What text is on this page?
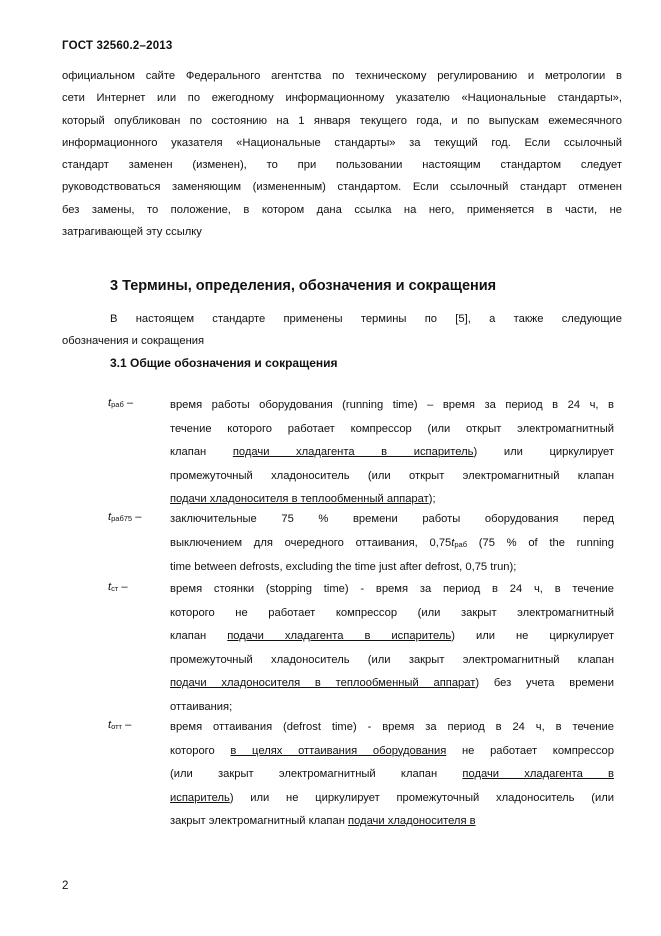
ГОСТ 32560.2–2013
официальном сайте Федерального агентства по техническому регулированию и метрологии в
сети Интернет или по ежегодному информационному указателю «Национальные стандарты»,
который опубликован по состоянию на 1 января текущего года, и по выпускам ежемесячного
информационного указателя «Национальные стандарты» за текущий год. Если ссылочный
стандарт заменен (изменен), то при пользовании настоящим стандартом следует
руководствоваться заменяющим (измененным) стандартом. Если ссылочный стандарт отменен
без замены, то положение, в котором дана ссылка на него, применяется в части, не
затрагивающей эту ссылку
3 Термины, определения, обозначения и сокращения
В настоящем стандарте применены термины по [5], а также следующие
обозначения и сокращения
3.1 Общие обозначения и сокращения
tраб –	время работы оборудования (running time) – время за период в 24 ч, в
течение которого работает компрессор (или открыт электромагнитный
клапан подачи хладагента в испаритель) или циркулирует
промежуточный хладоноситель (или открыт электромагнитный клапан
подачи хладоносителя в теплообменный аппарат);
tраб75 –	заключительные 75 % времени работы оборудования перед
выключением для очередного оттаивания, 0,75tраб (75 % of the running
time between defrosts, excluding the time just after defrost, 0,75 trun);
tст –	время стоянки (stopping time) - время за период в 24 ч, в течение
которого не работает компрессор (или закрыт электромагнитный
клапан подачи хладагента в испаритель) или не циркулирует
промежуточный хладоноситель (или закрыт электромагнитный клапан
подачи хладоносителя в теплообменный аппарат) без учета времени
оттаивания;
tотт –	время оттаивания (defrost time) - время за период в 24 ч, в течение
которого в целях оттаивания оборудования не работает компрессор
(или закрыт электромагнитный клапан подачи хладагента в
испаритель) или не циркулирует промежуточный хладоноситель (или
закрыт электромагнитный клапан подачи хладоносителя в
2
